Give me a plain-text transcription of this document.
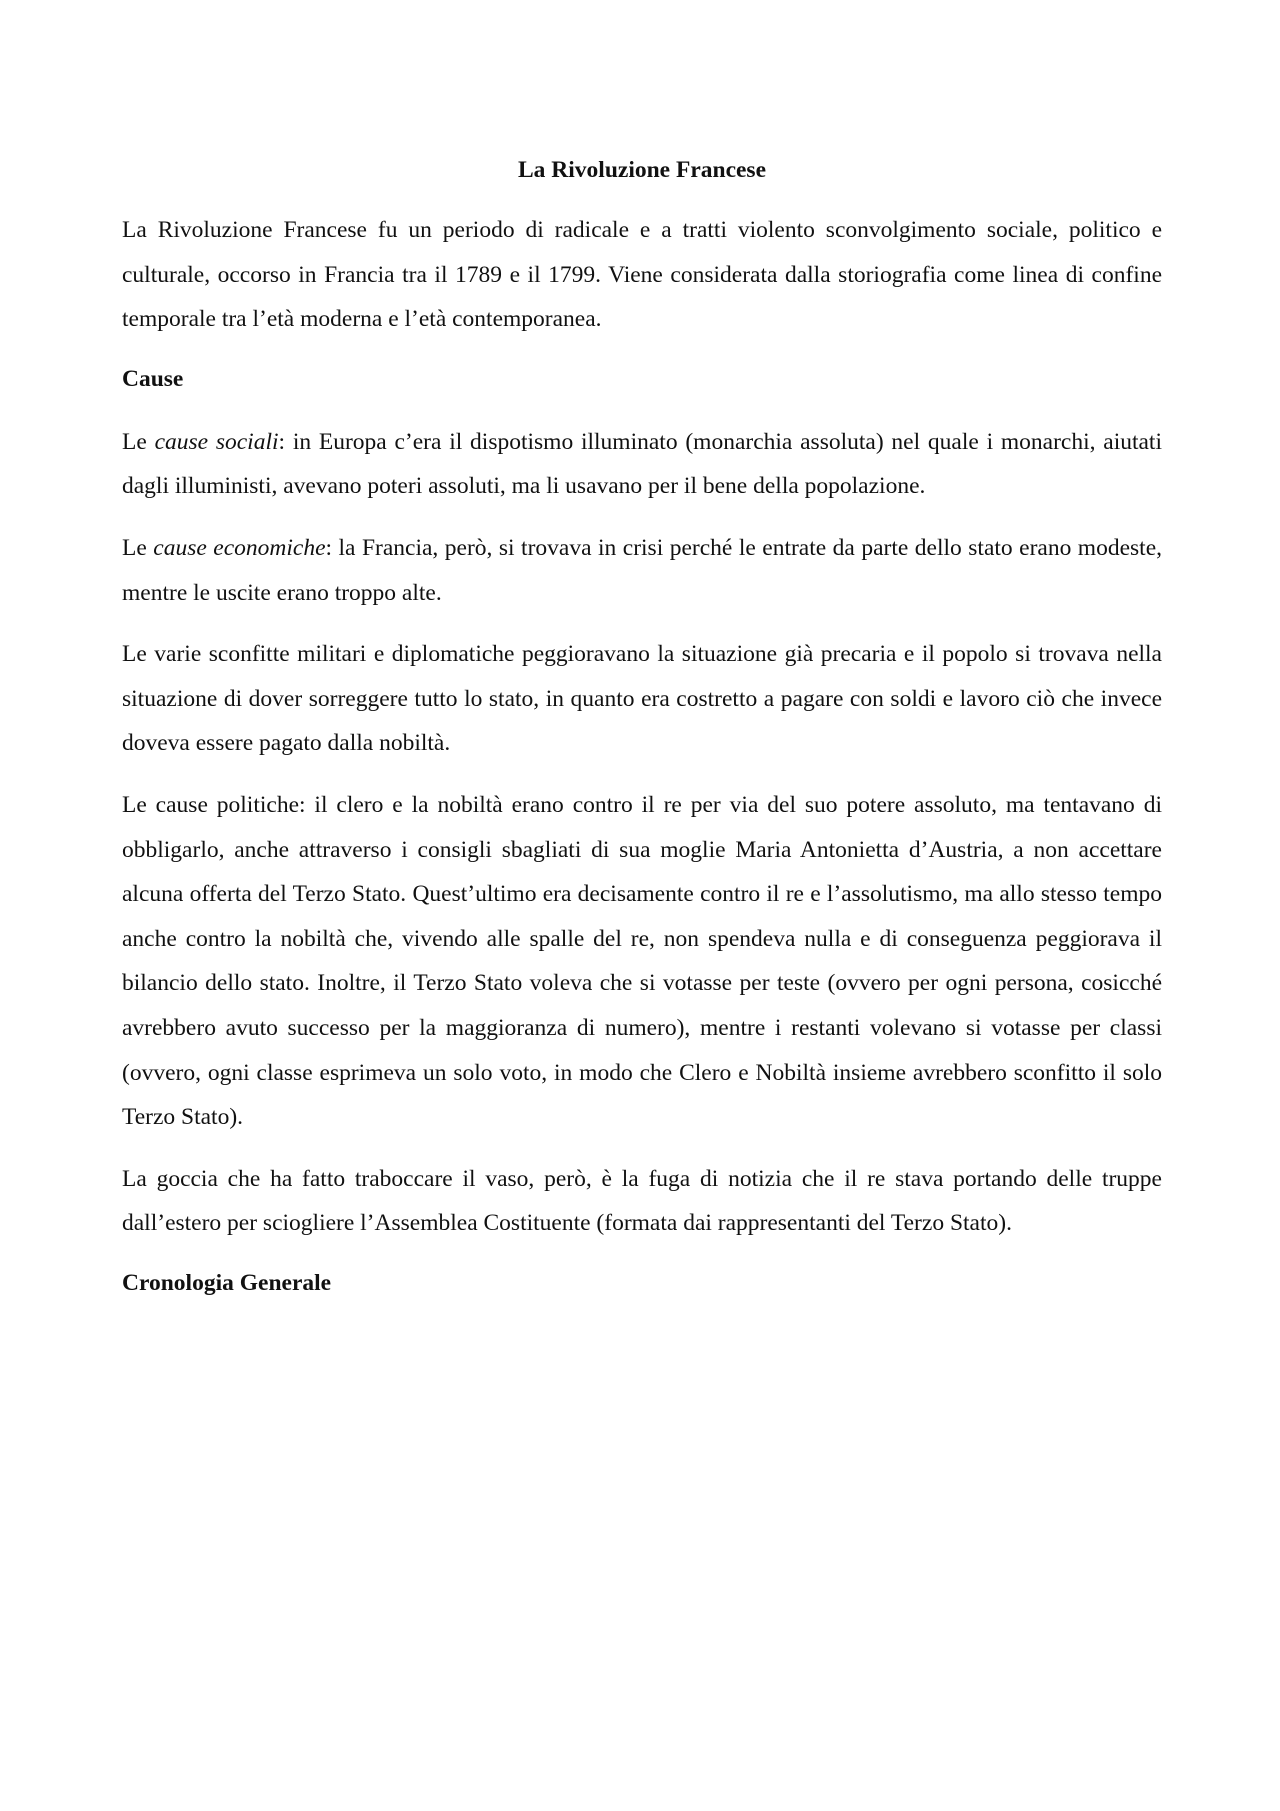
La Rivoluzione Francese

La Rivoluzione Francese fu un periodo di radicale e a tratti violento sconvolgimento sociale, politico e culturale, occorso in Francia tra il 1789 e il 1799. Viene considerata dalla storiografia come linea di confine temporale tra l’età moderna e l’età contemporanea.

Cause

Le cause sociali: in Europa c’era il dispotismo illuminato (monarchia assoluta) nel quale i monarchi, aiutati dagli illuministi, avevano poteri assoluti, ma li usavano per il bene della popolazione.

Le cause economiche: la Francia, però, si trovava in crisi perché le entrate da parte dello stato erano modeste, mentre le uscite erano troppo alte.

Le varie sconfitte militari e diplomatiche peggioravano la situazione già precaria e il popolo si trovava nella situazione di dover sorreggere tutto lo stato, in quanto era costretto a pagare con soldi e lavoro ciò che invece doveva essere pagato dalla nobiltà.

Le cause politiche: il clero e la nobiltà erano contro il re per via del suo potere assoluto, ma tentavano di obbligarlo, anche attraverso i consigli sbagliati di sua moglie Maria Antonietta d’Austria, a non accettare alcuna offerta del Terzo Stato. Quest’ultimo era decisamente contro il re e l’assolutismo, ma allo stesso tempo anche contro la nobiltà che, vivendo alle spalle del re, non spendeva nulla e di conseguenza peggiorava il bilancio dello stato. Inoltre, il Terzo Stato voleva che si votasse per teste (ovvero per ogni persona, cosicché avrebbero avuto successo per la maggioranza di numero), mentre i restanti volevano si votasse per classi (ovvero, ogni classe esprimeva un solo voto, in modo che Clero e Nobiltà insieme avrebbero sconfitto il solo Terzo Stato).

La goccia che ha fatto traboccare il vaso, però, è la fuga di notizia che il re stava portando delle truppe dall’estero per sciogliere l’Assemblea Costituente (formata dai rappresentanti del Terzo Stato).

Cronologia Generale
